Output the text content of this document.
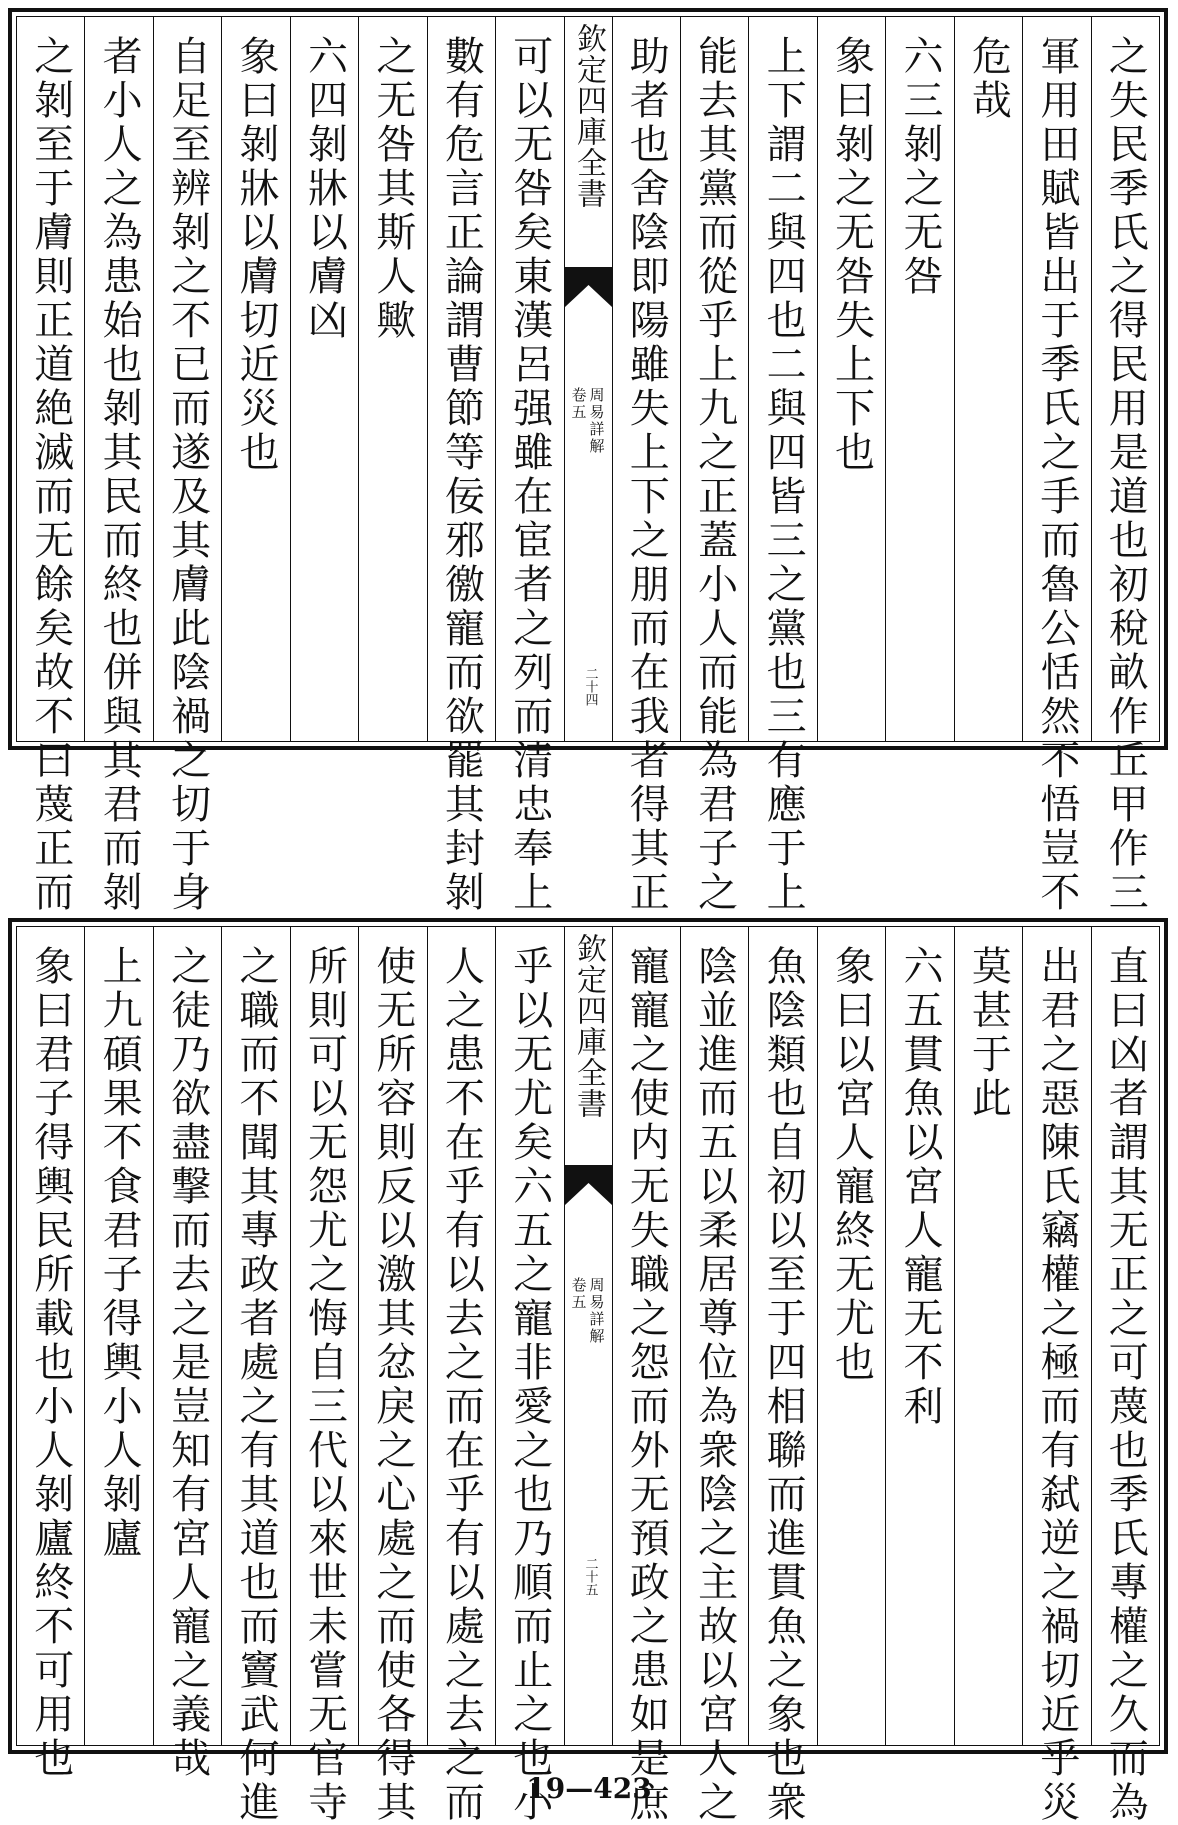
之失民季氏之得民用是道也初稅畝作丘甲作三
軍用田賦皆出于季氏之手而魯公恬然不悟豈不
危哉
六三剝之无咎
象曰剝之无咎失上下也
上下謂二與四也二與四皆三之黨也三有應于上
能去其黨而從乎上九之正蓋小人而能為君子之
助者也舍陰即陽雖失上下之朋而在我者得其正
欽定四庫全書
周易詳解
卷五
二十四
可以无咎矣東漢呂强雖在宦者之列而清忠奉上
數有危言正論謂曹節等佞邪徼寵而欲罷其封剝
之无咎其斯人歟
六四剝牀以膚凶
象曰剝牀以膚切近災也
自足至辨剝之不已而遂及其膚此陰禍之切于身
者小人之為患始也剝其民而終也併與其君而剝
之剝至于膚則正道絶滅而无餘矣故不曰蔑正而
直曰凶者謂其无正之可蔑也季氏專權之久而為
出君之惡陳氏竊權之極而有弑逆之禍切近乎災
莫甚于此
六五貫魚以宮人寵无不利
象曰以宮人寵終无尤也
魚陰類也自初以至于四相聯而進貫魚之象也衆
陰並進而五以柔居尊位為衆陰之主故以宮人之
寵寵之使内无失職之怨而外无預政之患如是庶
欽定四庫全書
周易詳解
卷五
二十五
乎以无尤矣六五之寵非愛之也乃順而止之也小
人之患不在乎有以去之而在乎有以處之去之而
使无所容則反以激其忿戾之心處之而使各得其
所則可以无怨尤之悔自三代以來世未嘗无官寺
之職而不聞其專政者處之有其道也而竇武何進
之徒乃欲盡撃而去之是豈知有宮人寵之義哉
上九碩果不食君子得輿小人剝廬
象曰君子得輿民所載也小人剝廬終不可用也
19—423
